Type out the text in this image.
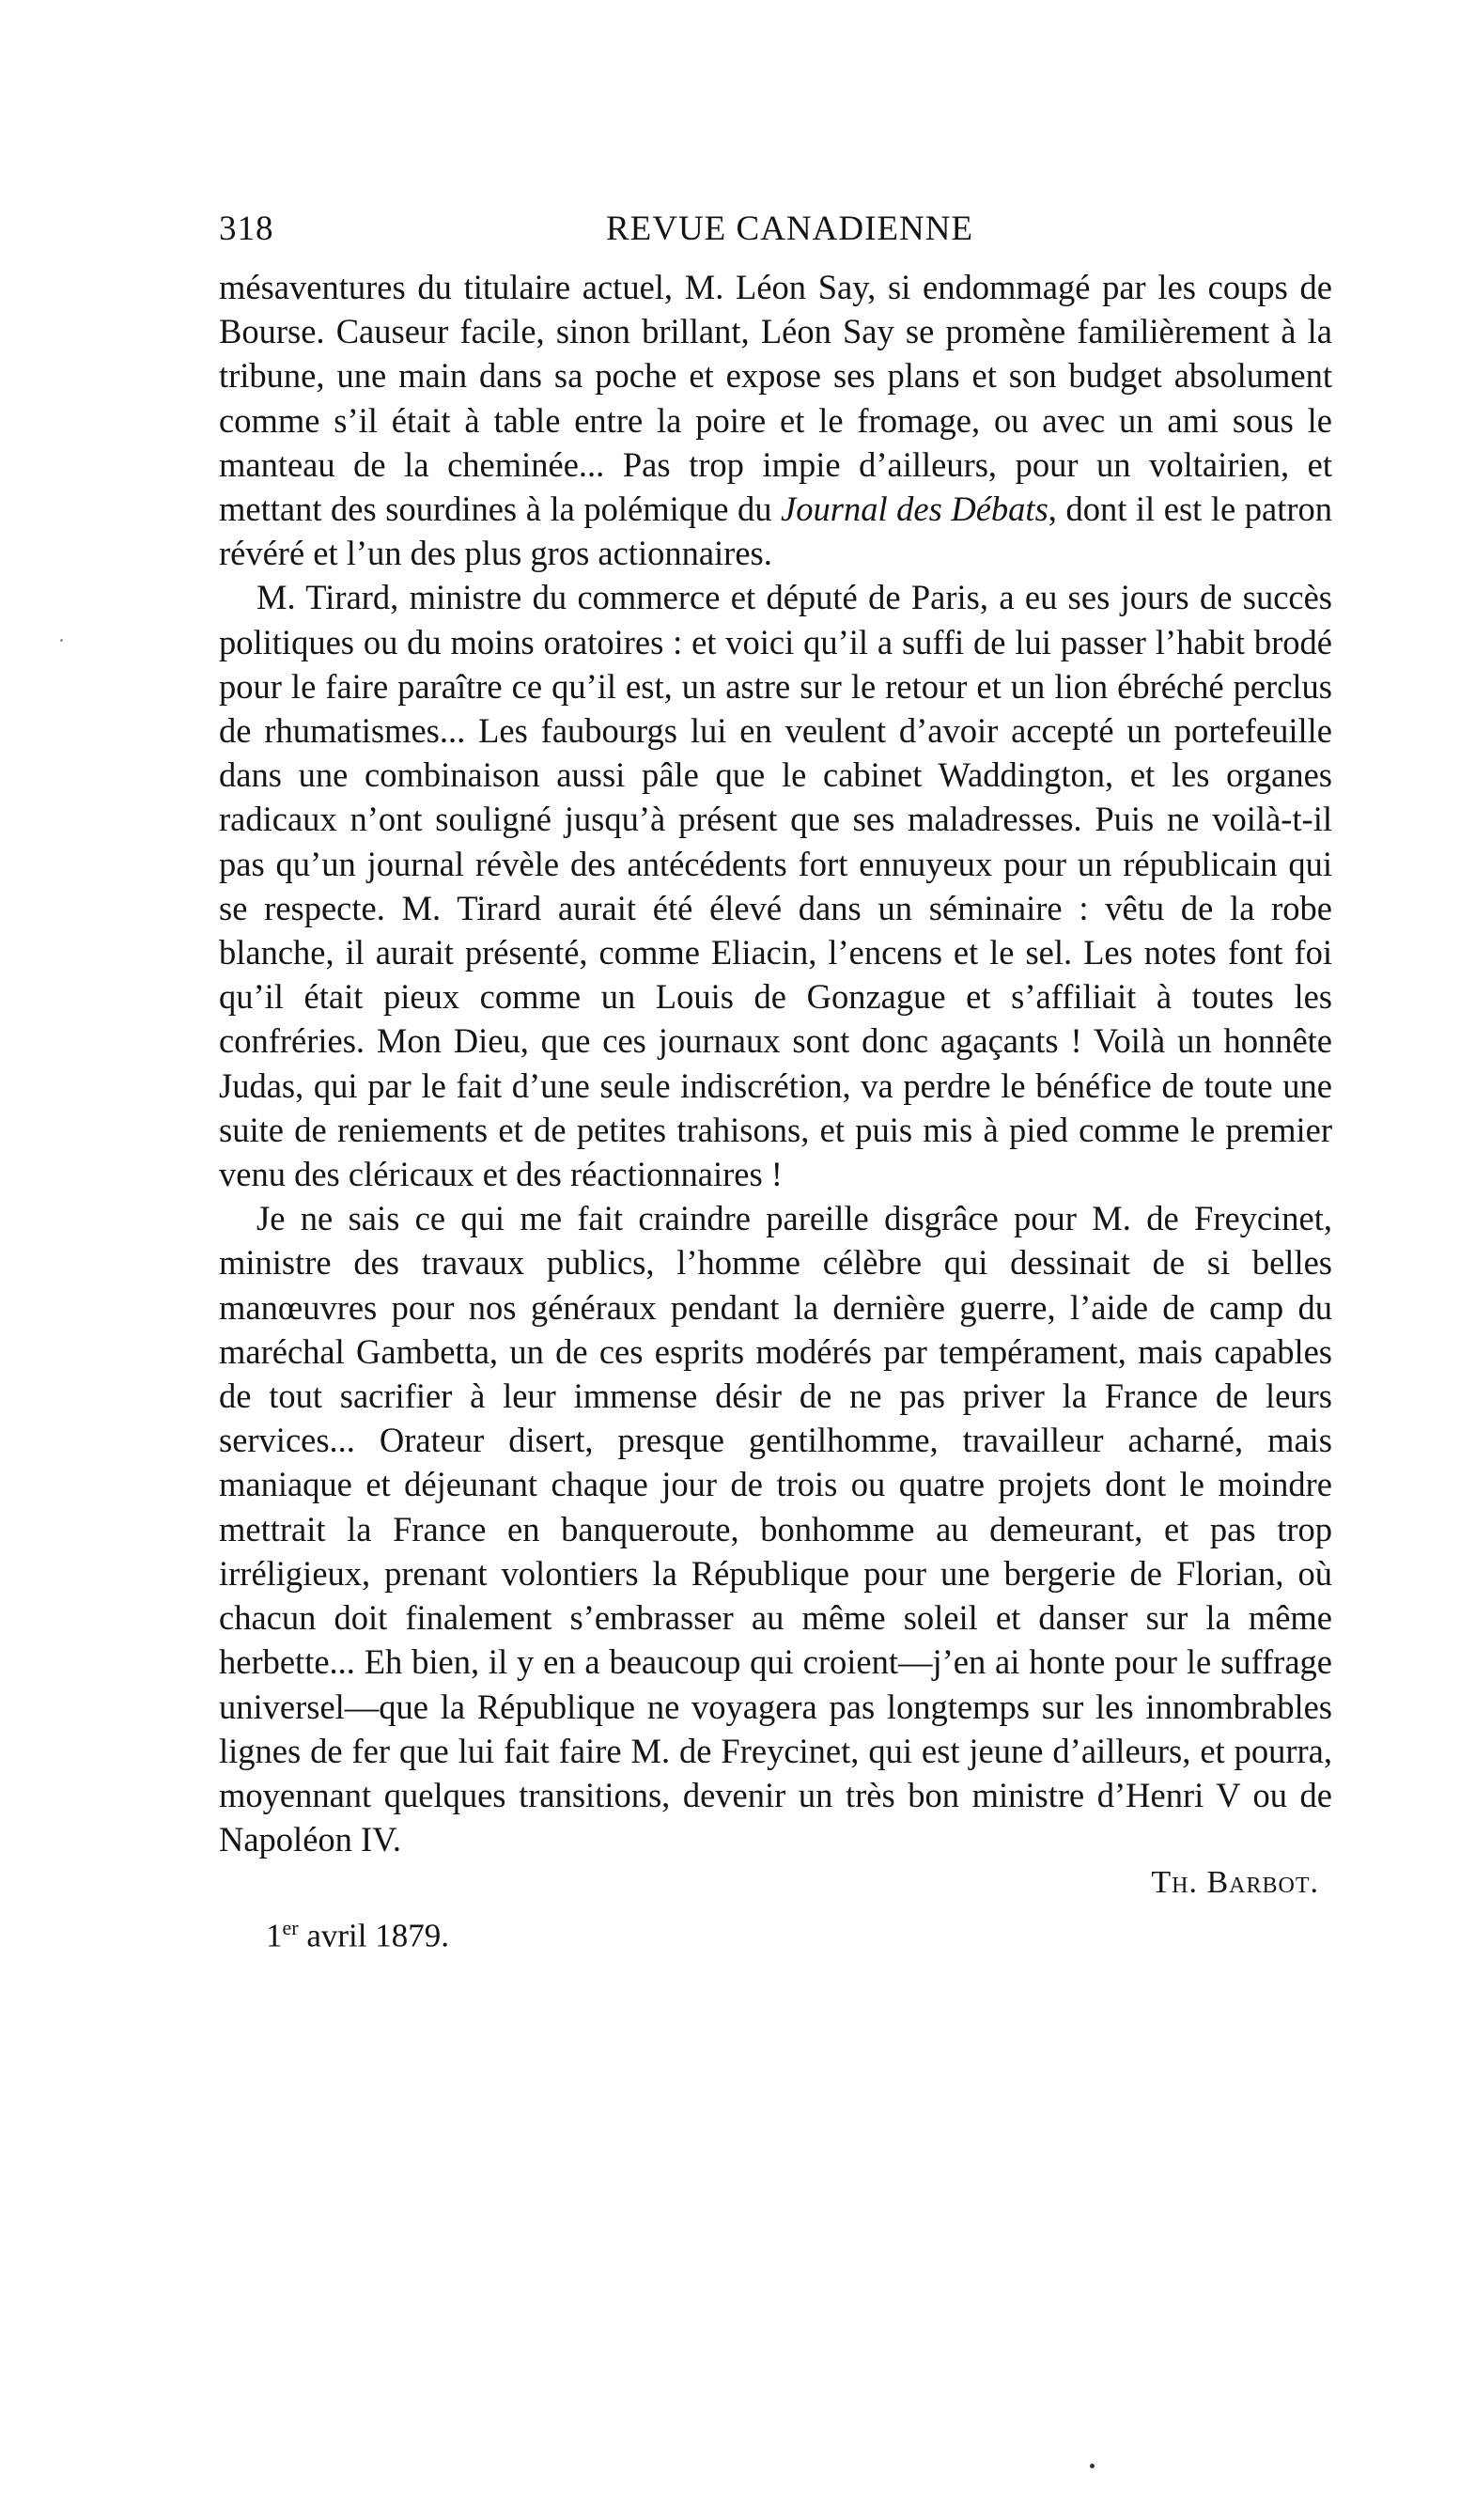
318	REVUE CANADIENNE

mésaventures du titulaire actuel, M. Léon Say, si endommagé par les coups de Bourse. Causeur facile, sinon brillant, Léon Say se promène familièrement à la tribune, une main dans sa poche et expose ses plans et son budget absolument comme s’il était à table entre la poire et le fromage, ou avec un ami sous le manteau de la cheminée... Pas trop impie d’ailleurs, pour un voltairien, et mettant des sourdines à la polémique du Journal des Débats, dont il est le patron révéré et l’un des plus gros actionnaires.

M. Tirard, ministre du commerce et député de Paris, a eu ses jours de succès politiques ou du moins oratoires : et voici qu’il a suffi de lui passer l’habit brodé pour le faire paraître ce qu’il est, un astre sur le retour et un lion ébréché perclus de rhumatismes... Les faubourgs lui en veulent d’avoir accepté un portefeuille dans une combinaison aussi pâle que le cabinet Waddington, et les organes radicaux n’ont souligné jusqu’à présent que ses maladresses. Puis ne voilà-t-il pas qu’un journal révèle des antécédents fort ennuyeux pour un républicain qui se respecte. M. Tirard aurait été élevé dans un séminaire : vêtu de la robe blanche, il aurait présenté, comme Eliacin, l’encens et le sel. Les notes font foi qu’il était pieux comme un Louis de Gonzague et s’affiliait à toutes les confréries. Mon Dieu, que ces journaux sont donc agaçants ! Voilà un honnête Judas, qui par le fait d’une seule indiscrétion, va perdre le bénéfice de toute une suite de reniements et de petites trahisons, et puis mis à pied comme le premier venu des cléricaux et des réactionnaires !

Je ne sais ce qui me fait craindre pareille disgrâce pour M. de Freycinet, ministre des travaux publics, l’homme célèbre qui dessinait de si belles manœuvres pour nos généraux pendant la dernière guerre, l’aide de camp du maréchal Gambetta, un de ces esprits modérés par tempérament, mais capables de tout sacrifier à leur immense désir de ne pas priver la France de leurs services... Orateur disert, presque gentilhomme, travailleur acharné, mais maniaque et déjeunant chaque jour de trois ou quatre projets dont le moindre mettrait la France en banqueroute, bonhomme au demeurant, et pas trop irréligieux, prenant volontiers la République pour une bergerie de Florian, où chacun doit finalement s’embrasser au même soleil et danser sur la même herbette... Eh bien, il y en a beaucoup qui croient—j’en ai honte pour le suffrage universel—que la République ne voyagera pas longtemps sur les innombrables lignes de fer que lui fait faire M. de Freycinet, qui est jeune d’ailleurs, et pourra, moyennant quelques transitions, devenir un très bon ministre d’Henri V ou de Napoléon IV.

Th. Barbot.
1er avril 1879.
